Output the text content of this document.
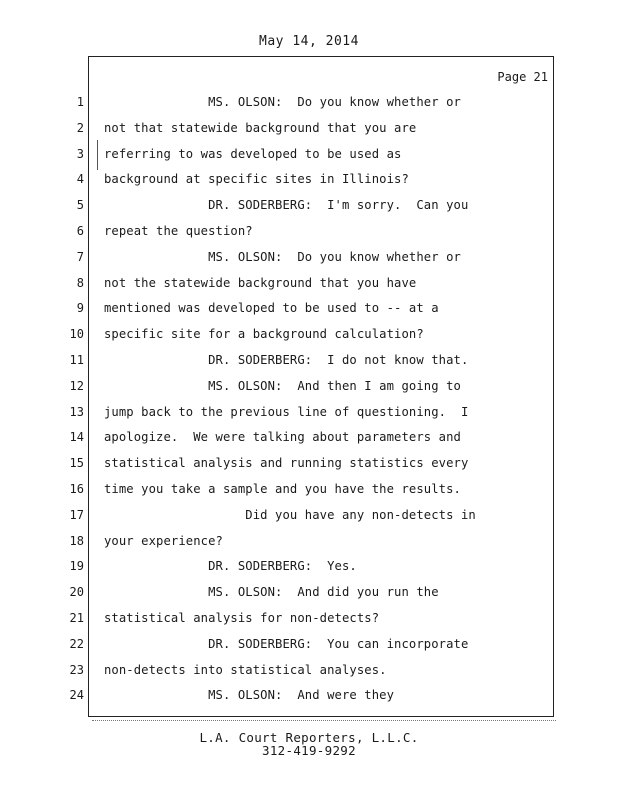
May 14, 2014
Page 21
1
2
3
4
5
6
7
8
9
10
11
12
13
14
15
16
17
18
19
20
21
22
23
24
MS. OLSON:  Do you know whether or
not that statewide background that you are
referring to was developed to be used as
background at specific sites in Illinois?
DR. SODERBERG:  I'm sorry.  Can you
repeat the question?
MS. OLSON:  Do you know whether or
not the statewide background that you have
mentioned was developed to be used to -- at a
specific site for a background calculation?
DR. SODERBERG:  I do not know that.
MS. OLSON:  And then I am going to
jump back to the previous line of questioning.  I
apologize.  We were talking about parameters and
statistical analysis and running statistics every
time you take a sample and you have the results.
Did you have any non-detects in
your experience?
DR. SODERBERG:  Yes.
MS. OLSON:  And did you run the
statistical analysis for non-detects?
DR. SODERBERG:  You can incorporate
non-detects into statistical analyses.
MS. OLSON:  And were they
L.A. Court Reporters, L.L.C.
312-419-9292
